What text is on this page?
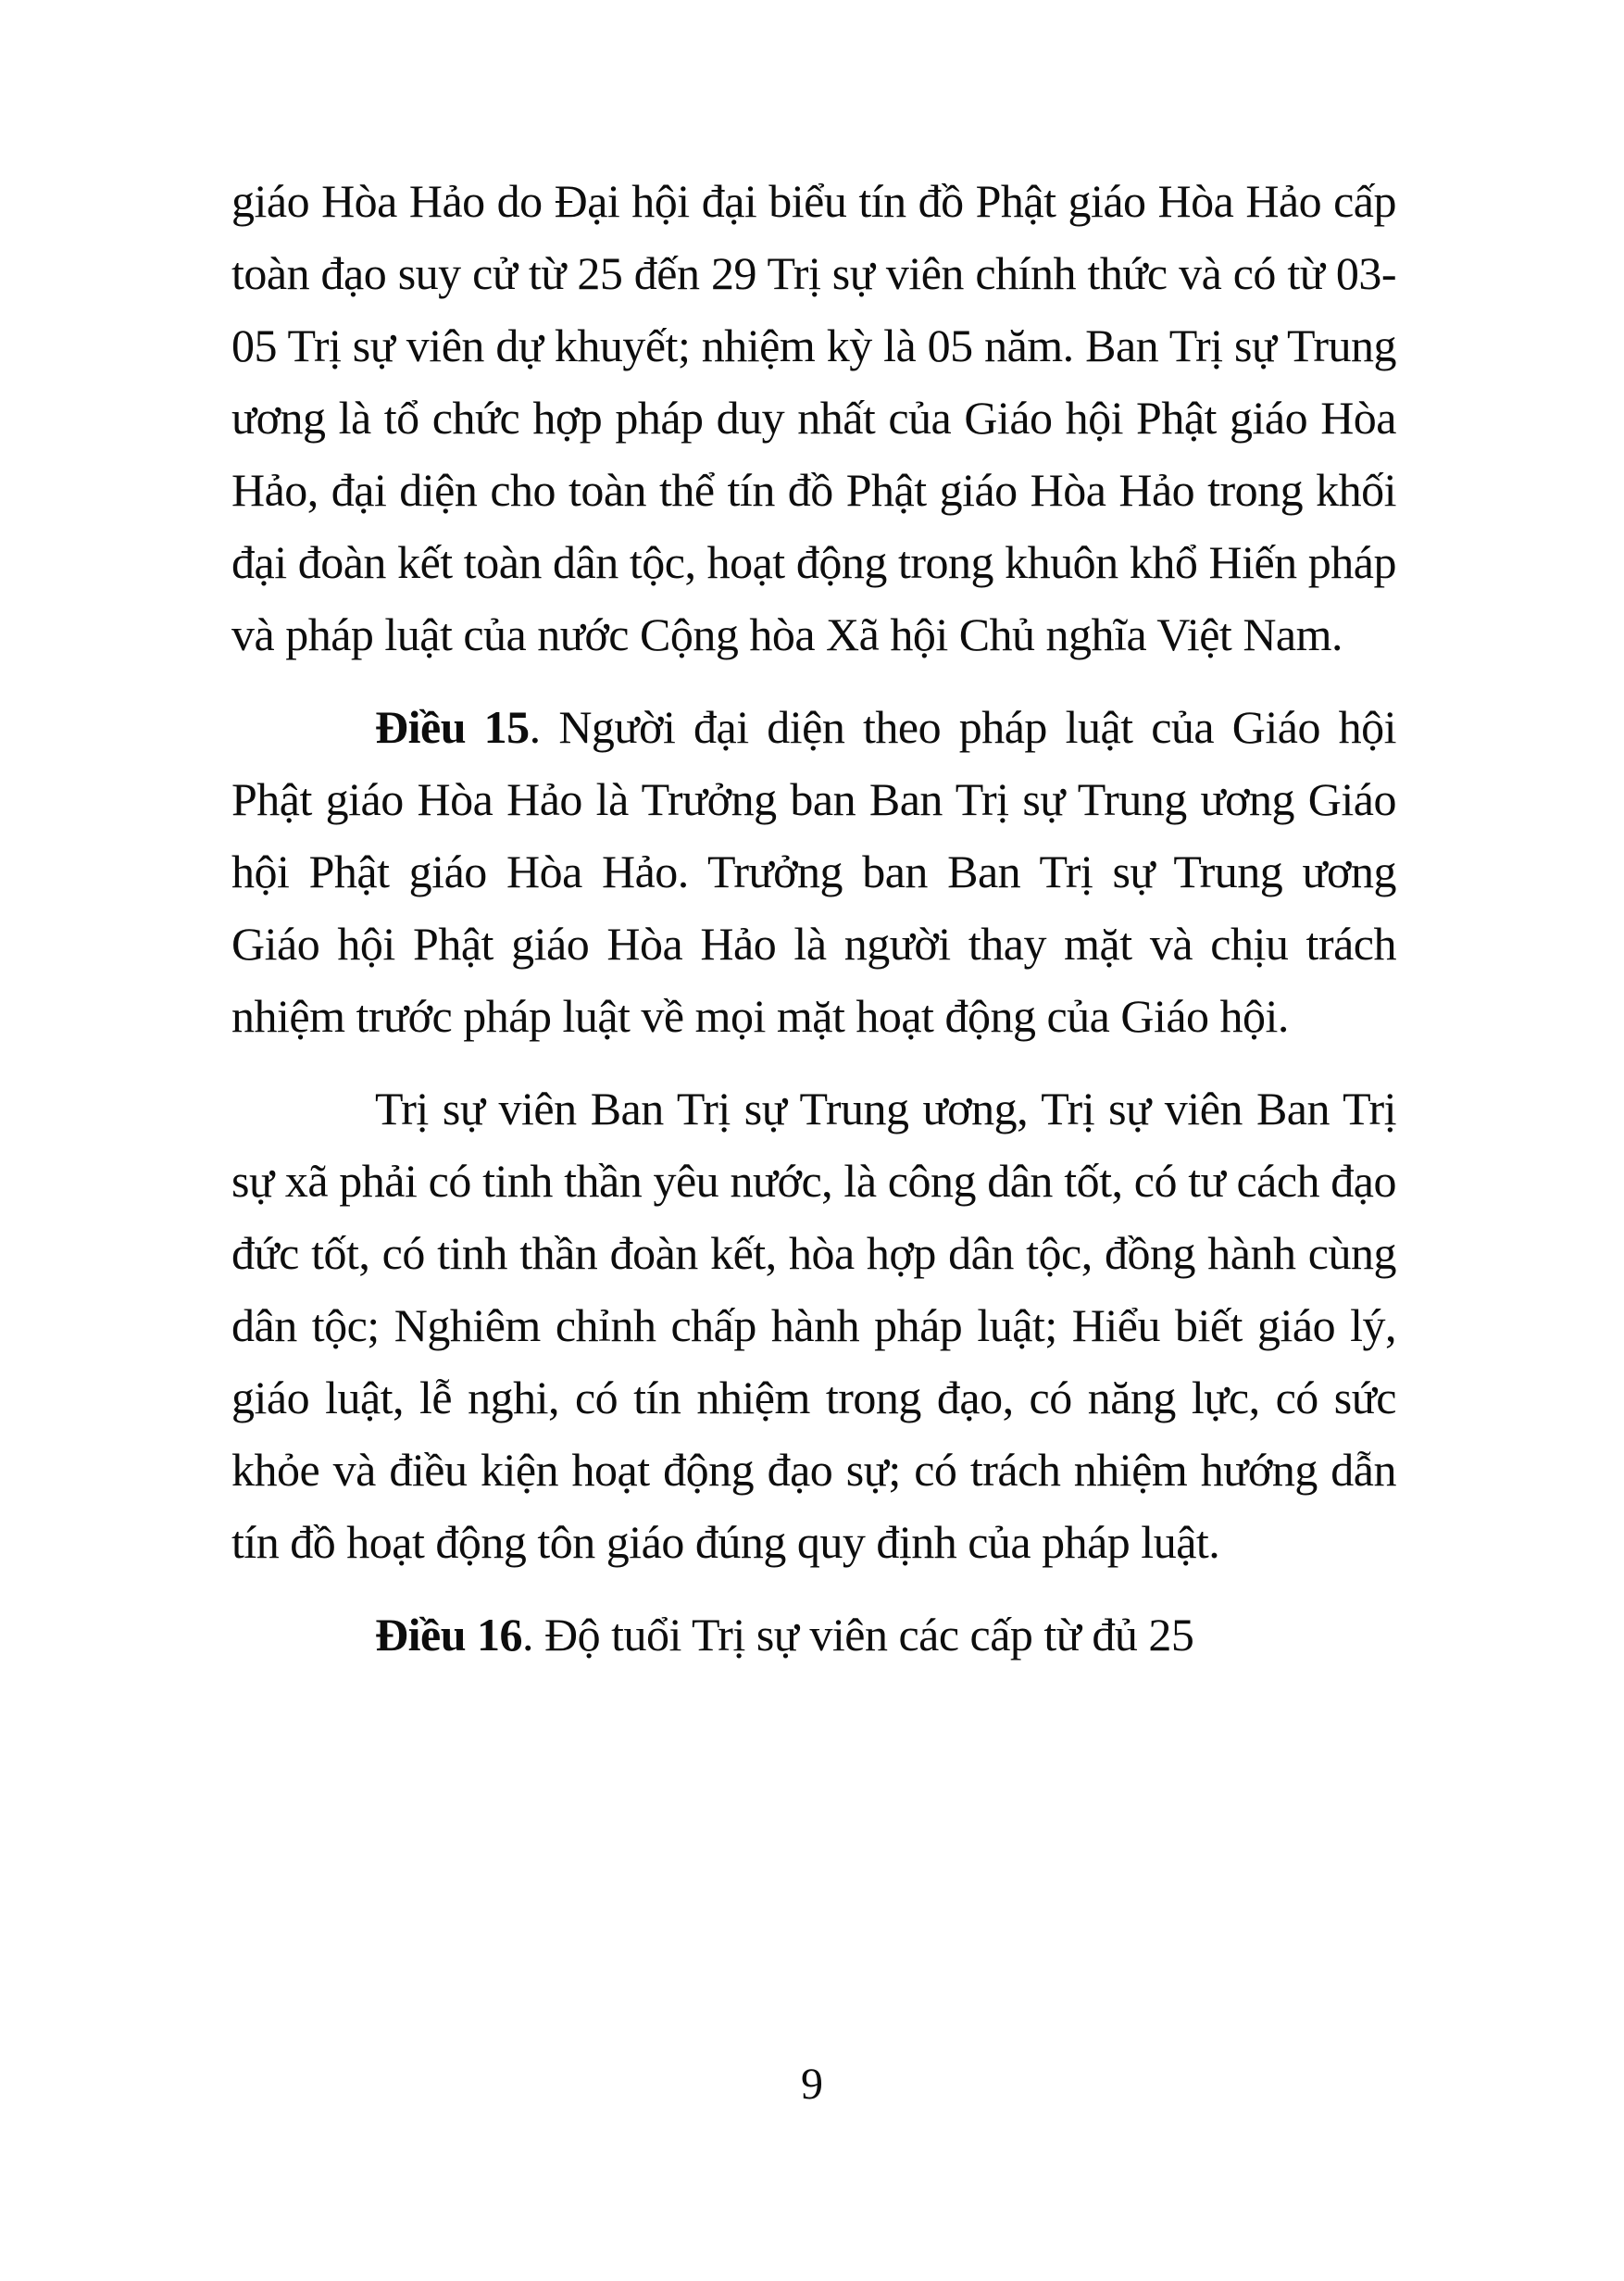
giáo Hòa Hảo do Đại hội đại biểu tín đồ Phật giáo Hòa Hảo cấp toàn đạo suy cử từ 25 đến 29 Trị sự viên chính thức và có từ 03-05 Trị sự viên dự khuyết; nhiệm kỳ là 05 năm. Ban Trị sự Trung ương là tổ chức hợp pháp duy nhất của Giáo hội Phật giáo Hòa Hảo, đại diện cho toàn thể tín đồ Phật giáo Hòa Hảo trong khối đại đoàn kết toàn dân tộc, hoạt động trong khuôn khổ Hiến pháp và pháp luật của nước Cộng hòa Xã hội Chủ nghĩa Việt Nam.

Điều 15. Người đại diện theo pháp luật của Giáo hội Phật giáo Hòa Hảo là Trưởng ban Ban Trị sự Trung ương Giáo hội Phật giáo Hòa Hảo. Trưởng ban Ban Trị sự Trung ương Giáo hội Phật giáo Hòa Hảo là người thay mặt và chịu trách nhiệm trước pháp luật về mọi mặt hoạt động của Giáo hội.

Trị sự viên Ban Trị sự Trung ương, Trị sự viên Ban Trị sự xã phải có tinh thần yêu nước, là công dân tốt, có tư cách đạo đức tốt, có tinh thần đoàn kết, hòa hợp dân tộc, đồng hành cùng dân tộc; Nghiêm chỉnh chấp hành pháp luật; Hiểu biết giáo lý, giáo luật, lễ nghi, có tín nhiệm trong đạo, có năng lực, có sức khỏe và điều kiện hoạt động đạo sự; có trách nhiệm hướng dẫn tín đồ hoạt động tôn giáo đúng quy định của pháp luật.

Điều 16. Độ tuổi Trị sự viên các cấp từ đủ 25

9
